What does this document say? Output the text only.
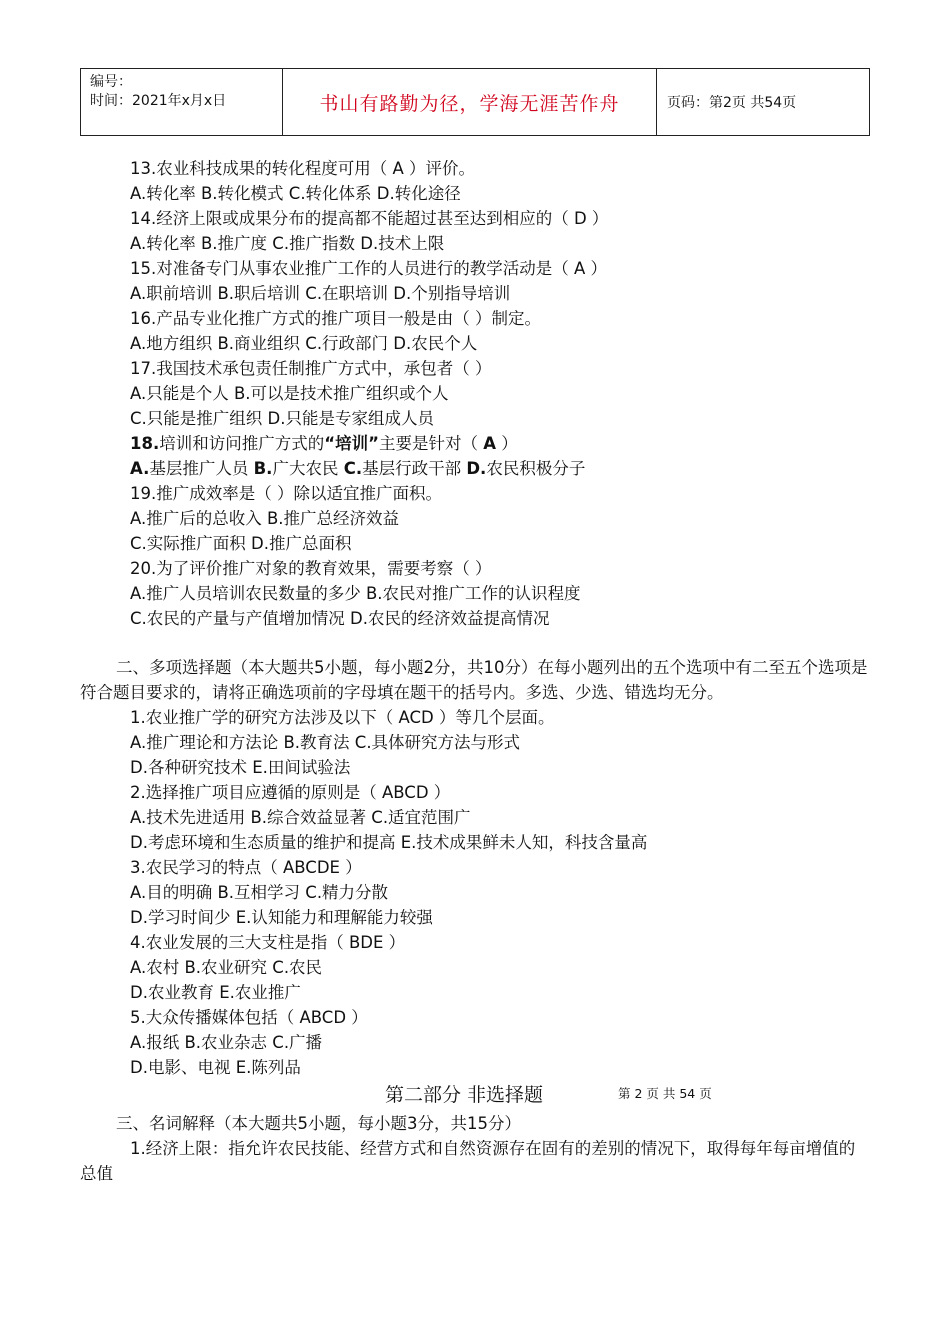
编号：
时间：2021年x月x日	书山有路勤为径，学海无涯苦作舟	页码：第2页 共54页
13.农业科技成果的转化程度可用（ A ）评价。
A.转化率 B.转化模式 C.转化体系 D.转化途径
14.经济上限或成果分布的提高都不能超过甚至达到相应的（ D ）
A.转化率 B.推广度 C.推广指数 D.技术上限
15.对准备专门从事农业推广工作的人员进行的教学活动是（ A ）
A.职前培训 B.职后培训 C.在职培训 D.个别指导培训
16.产品专业化推广方式的推广项目一般是由（ ）制定。
A.地方组织 B.商业组织 C.行政部门 D.农民个人
17.我国技术承包责任制推广方式中，承包者（ ）
A.只能是个人 B.可以是技术推广组织或个人
C.只能是推广组织 D.只能是专家组成人员
18.培训和访问推广方式的“培训”主要是针对（ A ）
A.基层推广人员 B.广大农民 C.基层行政干部 D.农民积极分子
19.推广成效率是（ ）除以适宜推广面积。
A.推广后的总收入 B.推广总经济效益
C.实际推广面积 D.推广总面积
20.为了评价推广对象的教育效果，需要考察（ ）
A.推广人员培训农民数量的多少 B.农民对推广工作的认识程度
C.农民的产量与产值增加情况 D.农民的经济效益提高情况
二、多项选择题（本大题共5小题，每小题2分，共10分）在每小题列出的五个选项中有二至五个选项是符合题目要求的，请将正确选项前的字母填在题干的括号内。多选、少选、错选均无分。
1.农业推广学的研究方法涉及以下（ ACD ）等几个层面。
A.推广理论和方法论 B.教育法 C.具体研究方法与形式
D.各种研究技术 E.田间试验法
2.选择推广项目应遵循的原则是（ ABCD ）
A.技术先进适用 B.综合效益显著 C.适宜范围广
D.考虑环境和生态质量的维护和提高 E.技术成果鲜未人知，科技含量高
3.农民学习的特点（ ABCDE ）
A.目的明确 B.互相学习 C.精力分散
D.学习时间少 E.认知能力和理解能力较强
4.农业发展的三大支柱是指（ BDE ）
A.农村 B.农业研究 C.农民
D.农业教育 E.农业推广
5.大众传播媒体包括（ ABCD ）
A.报纸 B.农业杂志 C.广播
D.电影、电视 E.陈列品
第二部分 非选择题	第 2 页 共 54 页
三、名词解释（本大题共5小题，每小题3分，共15分）
1.经济上限：指允许农民技能、经营方式和自然资源存在固有的差别的情况下，取得每年每亩增值的总值
